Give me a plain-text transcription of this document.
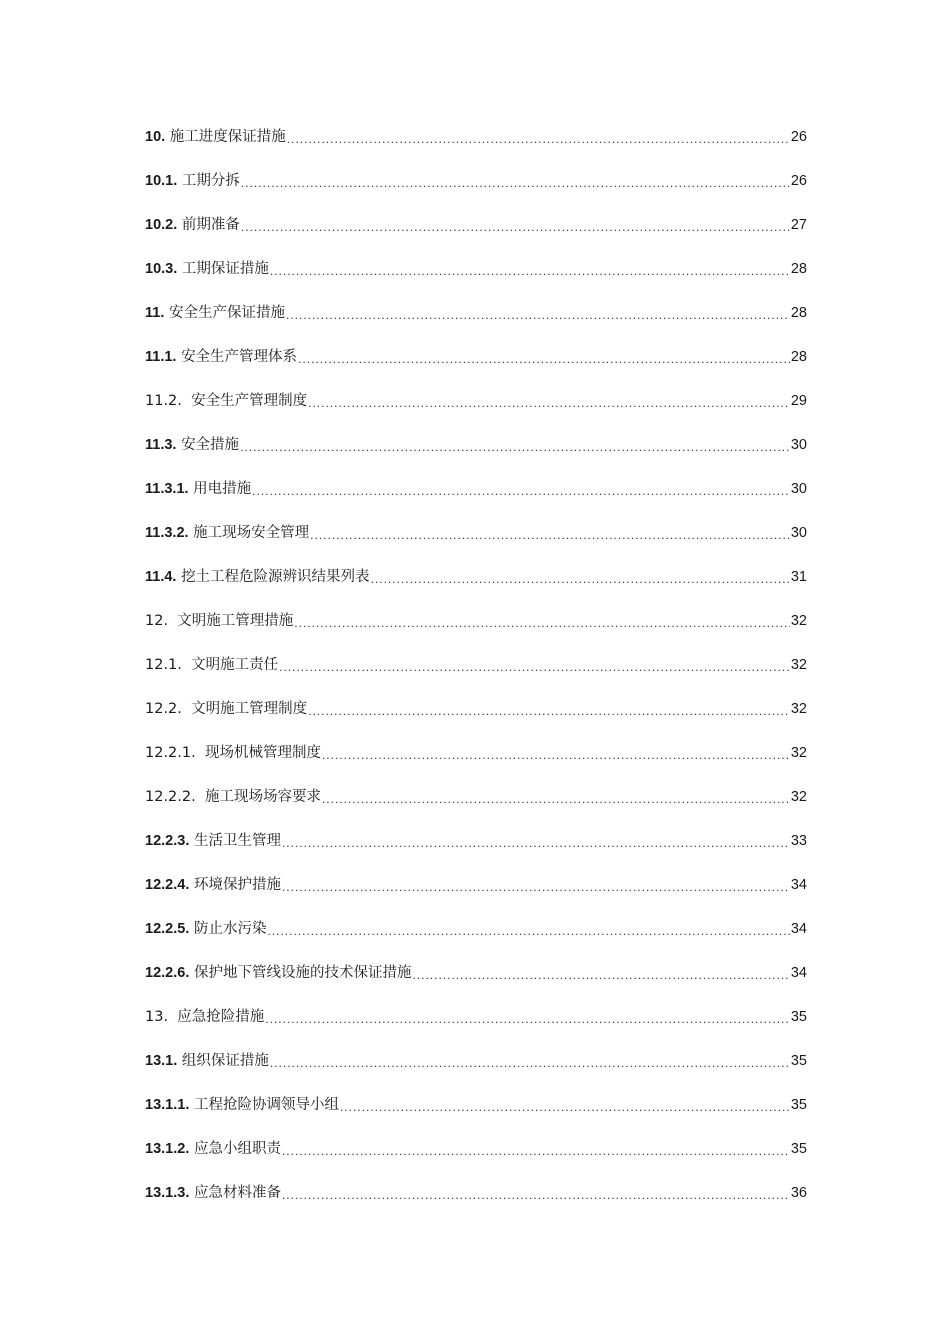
10. 施工进度保证措施 .....	26
10.1. 工期分拆 .....	26
10.2. 前期准备 .....	27
10.3. 工期保证措施 .....	28
11. 安全生产保证措施 .....	28
11.1. 安全生产管理体系 .....	28
11.2. 安全生产管理制度 .....	29
11.3. 安全措施 .....	30
11.3.1. 用电措施 .....	30
11.3.2. 施工现场安全管理 .....	30
11.4. 挖土工程危险源辨识结果列表 .....	31
12. 文明施工管理措施 .....	32
12.1. 文明施工责任 .....	32
12.2. 文明施工管理制度 .....	32
12.2.1. 现场机械管理制度 .....	32
12.2.2. 施工现场场容要求 .....	32
12.2.3. 生活卫生管理 .....	33
12.2.4. 环境保护措施 .....	34
12.2.5. 防止水污染 .....	34
12.2.6. 保护地下管线设施的技术保证措施 .....	34
13. 应急抢险措施 .....	35
13.1. 组织保证措施 .....	35
13.1.1. 工程抢险协调领导小组 .....	35
13.1.2. 应急小组职责 .....	35
13.1.3. 应急材料准备 .....	36
